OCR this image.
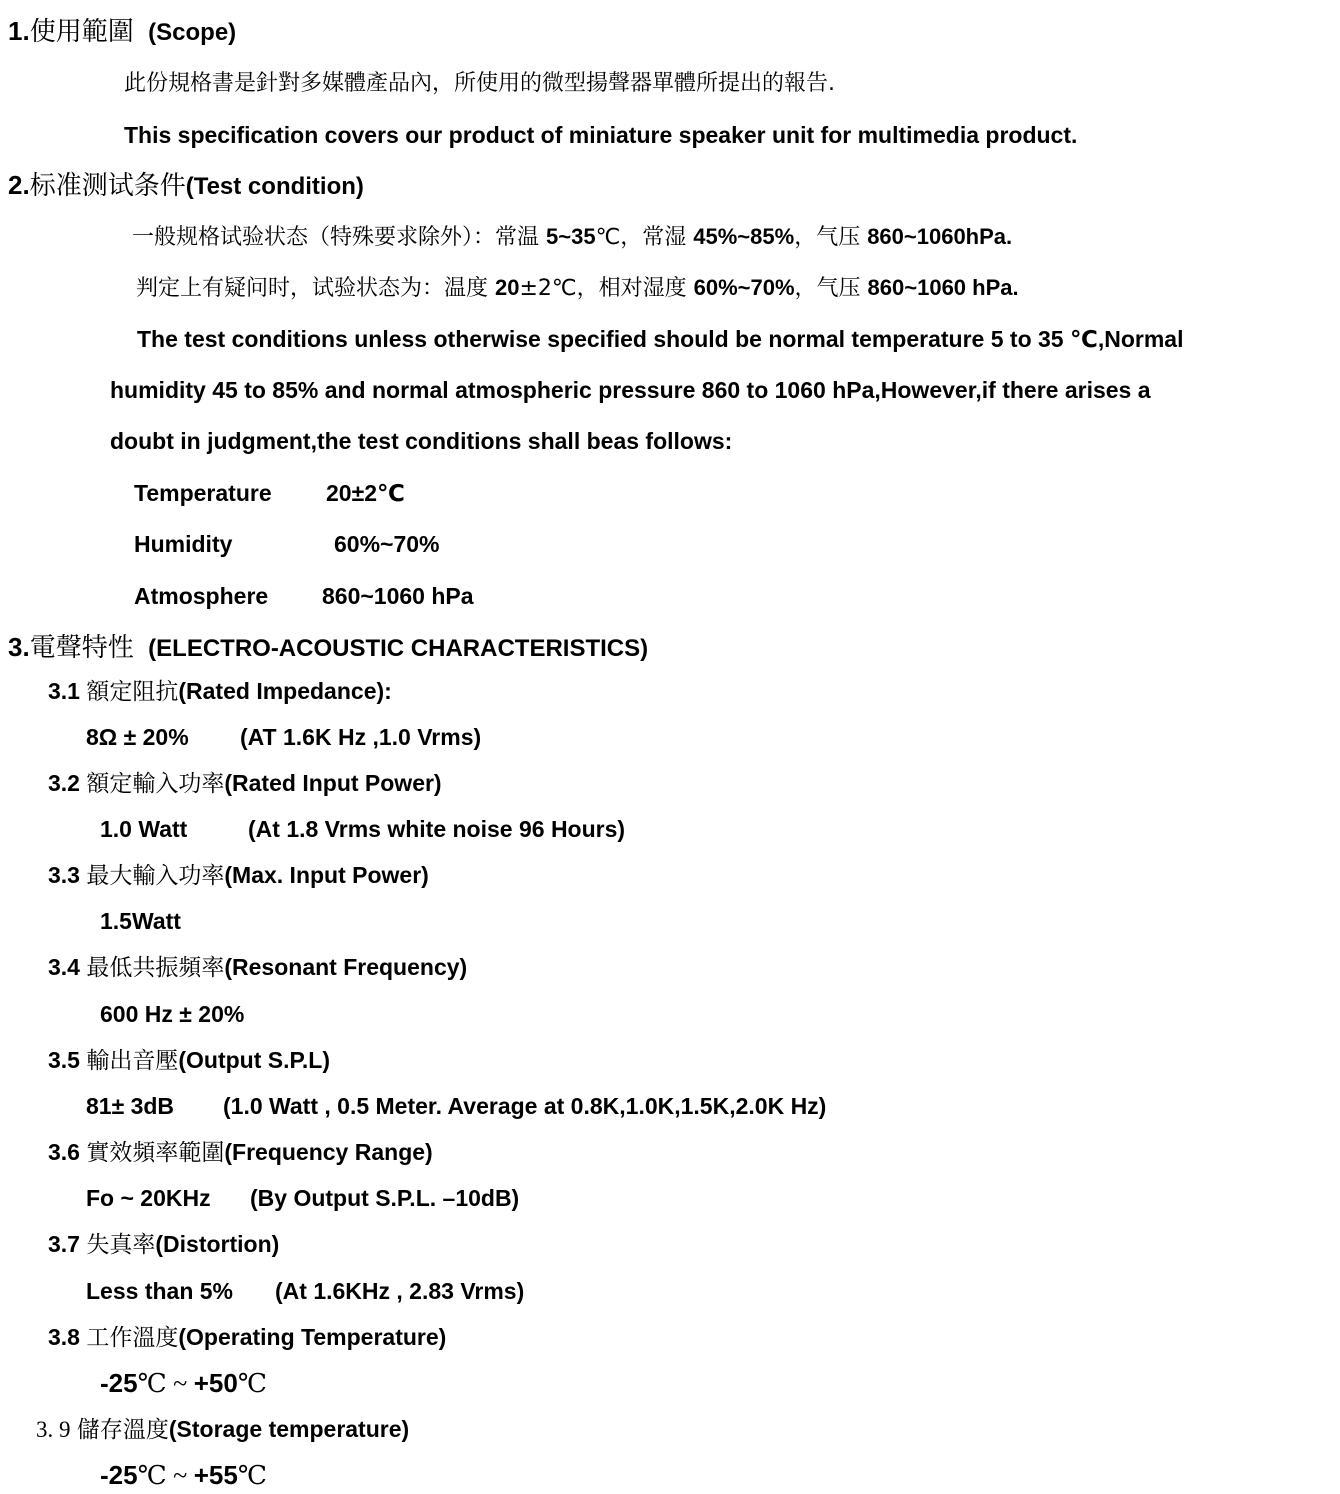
1.使用範圍 (Scope)
此份規格書是針對多媒體產品內，所使用的微型揚聲器單體所提出的報告.
This specification covers our product of miniature speaker unit for multimedia product.
2.标准测试条件(Test condition)
一般规格试验状态（特殊要求除外）：常温 5~35℃，常湿 45%~85%，气压 860~1060hPa.
判定上有疑问时，试验状态为：温度 20±2℃，相对湿度 60%~70%，气压 860~1060 hPa.
The test conditions unless otherwise specified should be normal temperature 5 to 35 ℃,Normal
humidity 45 to 85% and normal atmospheric pressure 860 to 1060 hPa,However,if there arises a
doubt in judgment,the test conditions shall beas follows:
Temperature 20±2℃
Humidity	60%~70%
Atmosphere 860~1060 hPa
3.電聲特性 (ELECTRO-ACOUSTIC CHARACTERISTICS)
3.1 額定阻抗(Rated Impedance):
8Ω ± 20% (AT 1.6K Hz ,1.0 Vrms)
3.2 額定輸入功率(Rated Input Power)
1.0 Watt	(At 1.8 Vrms white noise 96 Hours)
3.3 最大輸入功率(Max. Input Power)
1.5Watt
3.4 最低共振頻率(Resonant Frequency)
600 Hz ± 20%
3.5 輸出音壓(Output S.P.L)
81± 3dB (1.0 Watt , 0.5 Meter. Average at 0.8K,1.0K,1.5K,2.0K Hz)
3.6 實效頻率範圍(Frequency Range)
Fo ~ 20KHz (By Output S.P.L. –10dB)
3.7 失真率(Distortion)
Less than 5% (At 1.6KHz , 2.83 Vrms)
3.8 工作溫度(Operating Temperature)
-25℃ ~ +50℃
3. 9 儲存溫度(Storage temperature)
-25℃ ~ +55℃
